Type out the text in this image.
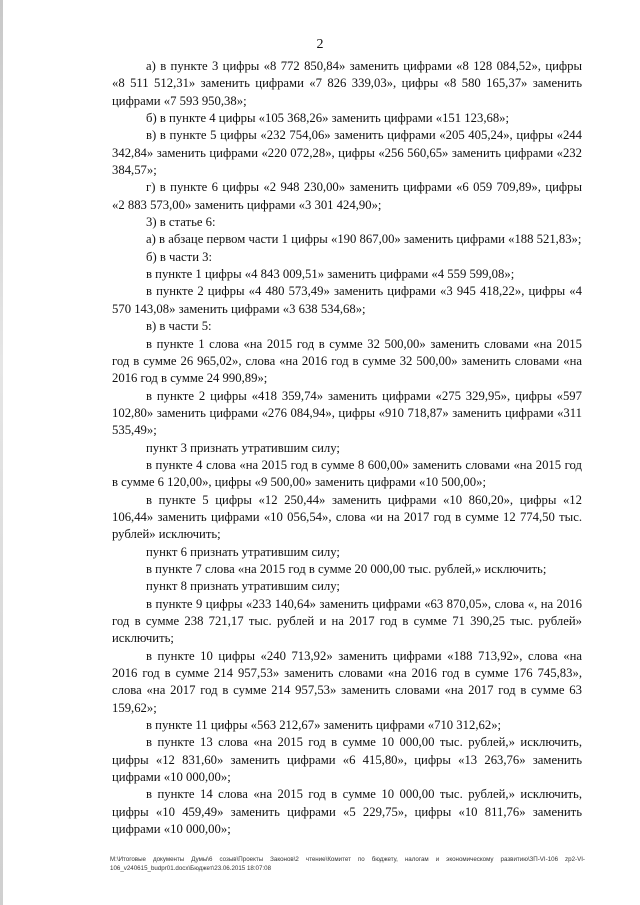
2

а) в пункте 3 цифры «8 772 850,84» заменить цифрами «8 128 084,52», цифры «8 511 512,31» заменить цифрами «7 826 339,03», цифры «8 580 165,37» заменить цифрами «7 593 950,38»;

б) в пункте 4 цифры «105 368,26» заменить цифрами «151 123,68»;

в) в пункте 5 цифры «232 754,06» заменить цифрами «205 405,24», цифры «244 342,84» заменить цифрами «220 072,28», цифры «256 560,65» заменить цифрами «232 384,57»;

г) в пункте 6 цифры «2 948 230,00» заменить цифрами «6 059 709,89», цифры «2 883 573,00» заменить цифрами «3 301 424,90»;

3) в статье 6:

а) в абзаце первом части 1 цифры «190 867,00» заменить цифрами «188 521,83»;

б) в части 3:

в пункте 1 цифры «4 843 009,51» заменить цифрами «4 559 599,08»;

в пункте 2 цифры «4 480 573,49» заменить цифрами «3 945 418,22», цифры «4 570 143,08» заменить цифрами «3 638 534,68»;

в) в части 5:

в пункте 1 слова «на 2015 год в сумме 32 500,00» заменить словами «на 2015 год в сумме 26 965,02», слова «на 2016 год в сумме 32 500,00» заменить словами «на 2016 год в сумме 24 990,89»;

в пункте 2 цифры «418 359,74» заменить цифрами «275 329,95», цифры «597 102,80» заменить цифрами «276 084,94», цифры «910 718,87» заменить цифрами «311 535,49»;

пункт 3 признать утратившим силу;

в пункте 4 слова «на 2015 год в сумме 8 600,00» заменить словами «на 2015 год в сумме 6 120,00», цифры «9 500,00» заменить цифрами «10 500,00»;

в пункте 5 цифры «12 250,44» заменить цифрами «10 860,20», цифры «12 106,44» заменить цифрами «10 056,54», слова «и на 2017 год в сумме 12 774,50 тыс. рублей» исключить;

пункт 6 признать утратившим силу;

в пункте 7 слова «на 2015 год в сумме 20 000,00 тыс. рублей,» исключить;

пункт 8 признать утратившим силу;

в пункте 9 цифры «233 140,64» заменить цифрами «63 870,05», слова «, на 2016 год в сумме 238 721,17 тыс. рублей и на 2017 год в сумме 71 390,25 тыс. рублей» исключить;

в пункте 10 цифры «240 713,92» заменить цифрами «188 713,92», слова «на 2016 год в сумме 214 957,53» заменить словами «на 2016 год в сумме 176 745,83», слова «на 2017 год в сумме 214 957,53» заменить словами «на 2017 год в сумме 63 159,62»;

в пункте 11 цифры «563 212,67» заменить цифрами «710 312,62»;

в пункте 13 слова «на 2015 год в сумме 10 000,00 тыс. рублей,» исключить, цифры «12 831,60» заменить цифрами «6 415,80», цифры «13 263,76» заменить цифрами «10 000,00»;

в пункте 14 слова «на 2015 год в сумме 10 000,00 тыс. рублей,» исключить, цифры «10 459,49» заменить цифрами «5 229,75», цифры «10 811,76» заменить цифрами «10 000,00»;

M:\Итоговые документы Думы\6 созыв\Проекты Законов\2 чтение\Комитет по бюджету, налогам и экономическому развитию\ЗП-VI-106 zp2-VI-106_v240615_budpr01.docx\Бюджет\23.06.2015 18:07:08
